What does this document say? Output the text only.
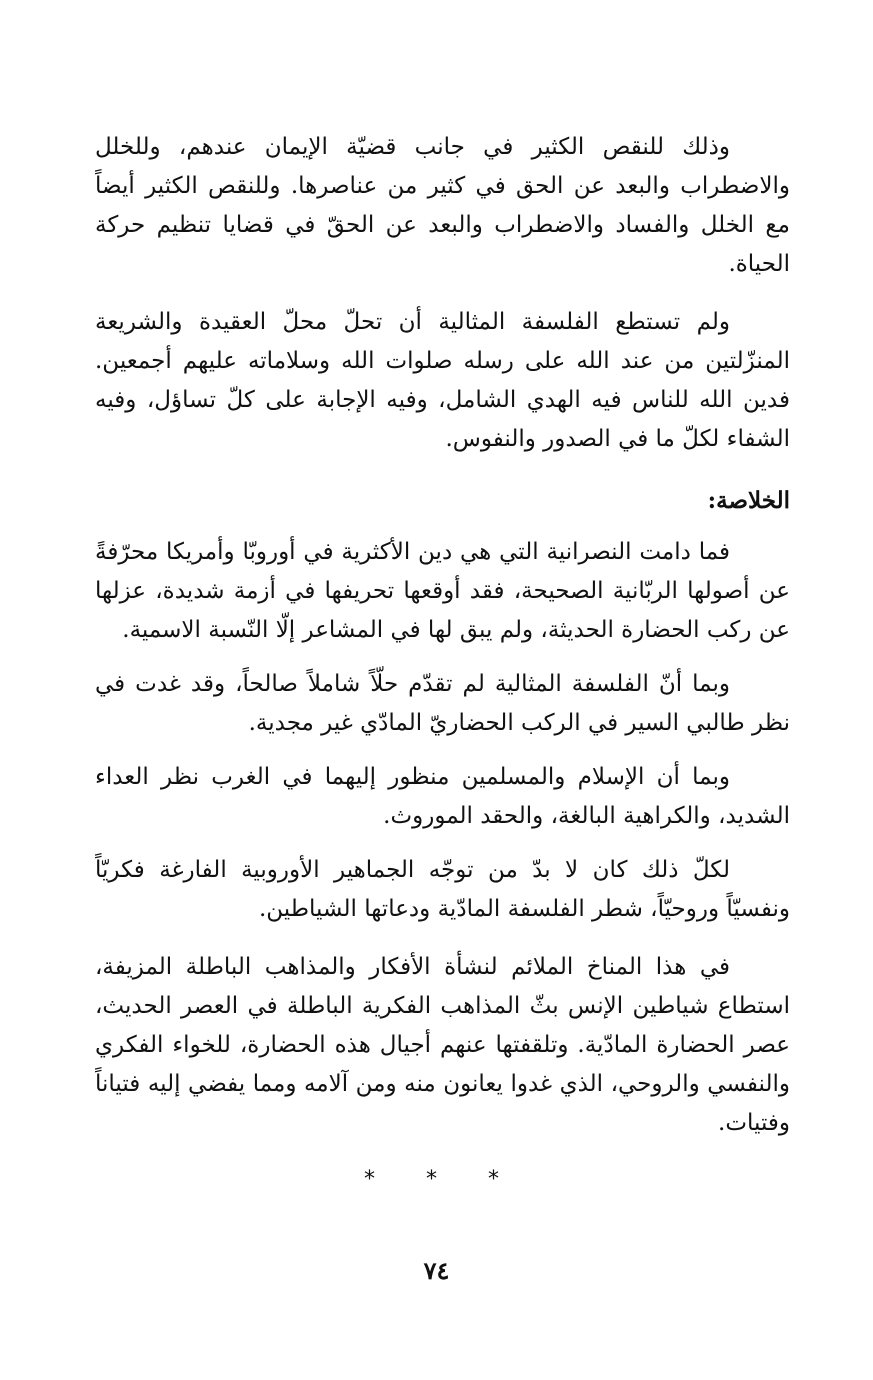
وذلك للنقص الكثير في جانب قضيّة الإيمان عندهم، وللخلل والاضطراب والبعد عن الحق في كثير من عناصرها. وللنقص الكثير أيضاً مع الخلل والفساد والاضطراب والبعد عن الحقّ في قضايا تنظيم حركة الحياة.

ولم تستطع الفلسفة المثالية أن تحلّ محلّ العقيدة والشريعة المنزّلتين من عند الله على رسله صلوات الله وسلاماته عليهم أجمعين. فدين الله للناس فيه الهدي الشامل، وفيه الإجابة على كلّ تساؤل، وفيه الشفاء لكلّ ما في الصدور والنفوس.

الخلاصة:

فما دامت النصرانية التي هي دين الأكثرية في أوروبّا وأمريكا محرّفةً عن أصولها الربّانية الصحيحة، فقد أوقعها تحريفها في أزمة شديدة، عزلها عن ركب الحضارة الحديثة، ولم يبق لها في المشاعر إلّا النّسبة الاسمية.

وبما أنّ الفلسفة المثالية لم تقدّم حلّاً شاملاً صالحاً، وقد غدت في نظر طالبي السير في الركب الحضاريّ المادّي غير مجدية.

وبما أن الإسلام والمسلمين منظور إليهما في الغرب نظر العداء الشديد، والكراهية البالغة، والحقد الموروث.

لكلّ ذلك كان لا بدّ من توجّه الجماهير الأوروبية الفارغة فكريّاً ونفسيّاً وروحيّاً، شطر الفلسفة المادّية ودعاتها الشياطين.

في هذا المناخ الملائم لنشأة الأفكار والمذاهب الباطلة المزيفة، استطاع شياطين الإنس بثّ المذاهب الفكرية الباطلة في العصر الحديث، عصر الحضارة المادّية. وتلقفتها عنهم أجيال هذه الحضارة، للخواء الفكري والنفسي والروحي، الذي غدوا يعانون منه ومن آلامه ومما يفضي إليه فتياناً وفتيات.

* * *

٧٤
